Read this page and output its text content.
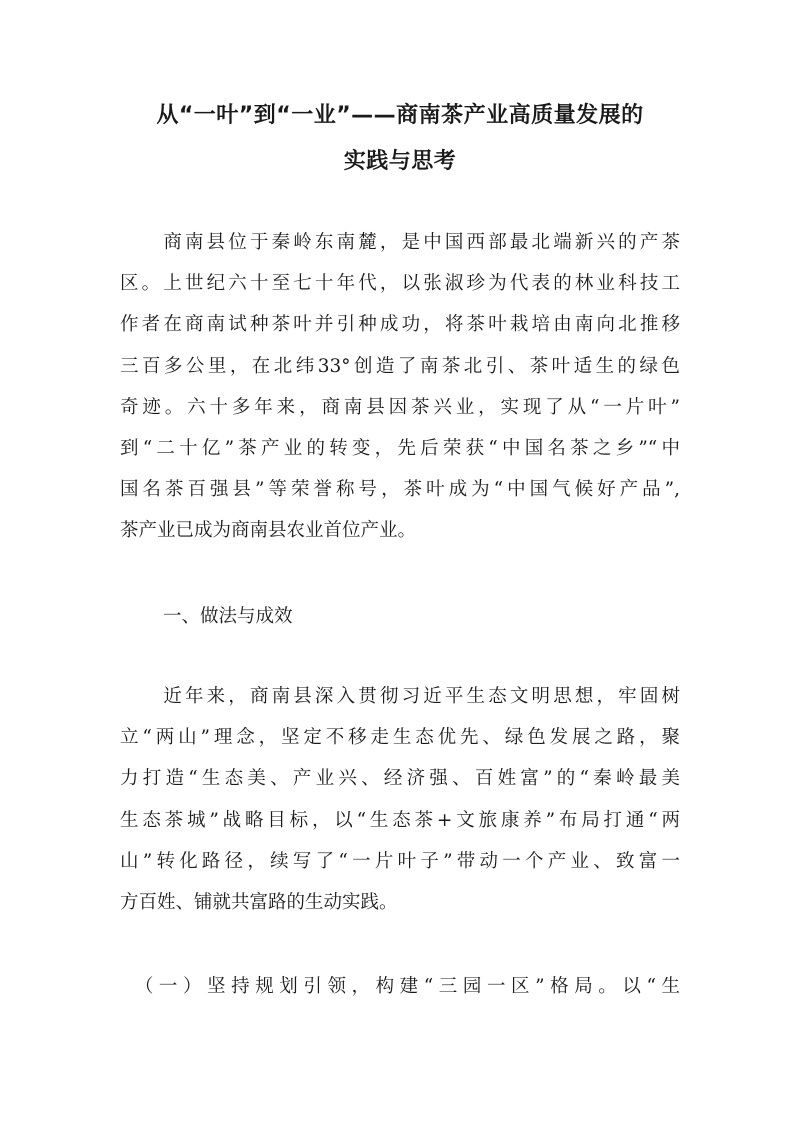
从“一叶”到“一业”——商南茶产业高质量发展的
实践与思考
　　商南县位于秦岭东南麓，是中国西部最北端新兴的产茶
区。上世纪六十至七十年代，以张淑珍为代表的林业科技工
作者在商南试种茶叶并引种成功，将茶叶栽培由南向北推移
三百多公里，在北纬33°创造了南茶北引、茶叶适生的绿色
奇迹。六十多年来，商南县因茶兴业，实现了从“一片叶”
到“二十亿”茶产业的转变，先后荣获“中国名茶之乡”“中
国名茶百强县”等荣誉称号，茶叶成为“中国气候好产品”,
茶产业已成为商南县农业首位产业。
一、做法与成效
　　近年来，商南县深入贯彻习近平生态文明思想，牢固树
立“两山”理念，坚定不移走生态优先、绿色发展之路，聚
力打造“生态美、产业兴、经济强、百姓富”的“秦岭最美
生态茶城”战略目标，以“生态茶+文旅康养”布局打通“两
山”转化路径，续写了“一片叶子”带动一个产业、致富一
方百姓、铺就共富路的生动实践。
　（一）坚持规划引领，构建“三园一区”格局。以“生
